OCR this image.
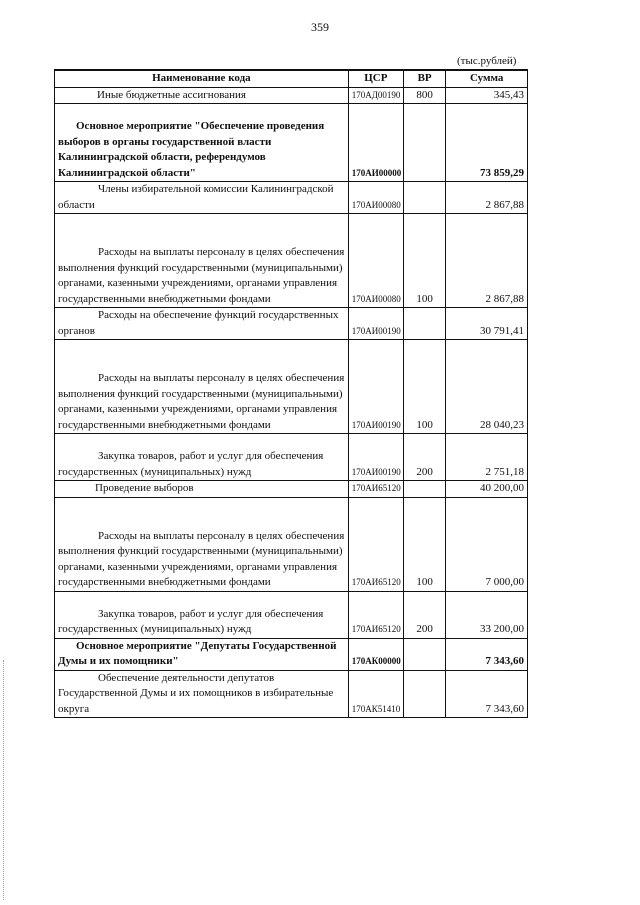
359
(тыс.рублей)
Наименование кода	ЦСР	ВР	Сумма
Иные бюджетные ассигнования	170АД00190	800	345,43
Основное мероприятие "Обеспечение проведения выборов в органы государственной власти Калининградской области, референдумов Калининградской области"	170АИ00000		73 859,29
Члены избирательной комиссии Калининградской области	170АИ00080		2 867,88
Расходы на выплаты персоналу в целях обеспечения выполнения функций государственными (муниципальными) органами, казенными учреждениями, органами управления государственными внебюджетными фондами	170АИ00080	100	2 867,88
Расходы на обеспечение функций государственных органов	170АИ00190		30 791,41
Расходы на выплаты персоналу в целях обеспечения выполнения функций государственными (муниципальными) органами, казенными учреждениями, органами управления государственными внебюджетными фондами	170АИ00190	100	28 040,23
Закупка товаров, работ и услуг для обеспечения государственных (муниципальных) нужд	170АИ00190	200	2 751,18
Проведение выборов	170АИ65120		40 200,00
Расходы на выплаты персоналу в целях обеспечения выполнения функций государственными (муниципальными) органами, казенными учреждениями, органами управления государственными внебюджетными фондами	170АИ65120	100	7 000,00
Закупка товаров, работ и услуг для обеспечения государственных (муниципальных) нужд	170АИ65120	200	33 200,00
Основное мероприятие "Депутаты Государственной Думы и их помощники"	170АК00000		7 343,60
Обеспечение деятельности депутатов Государственной Думы и их помощников в избирательные округа	170АК51410		7 343,60
